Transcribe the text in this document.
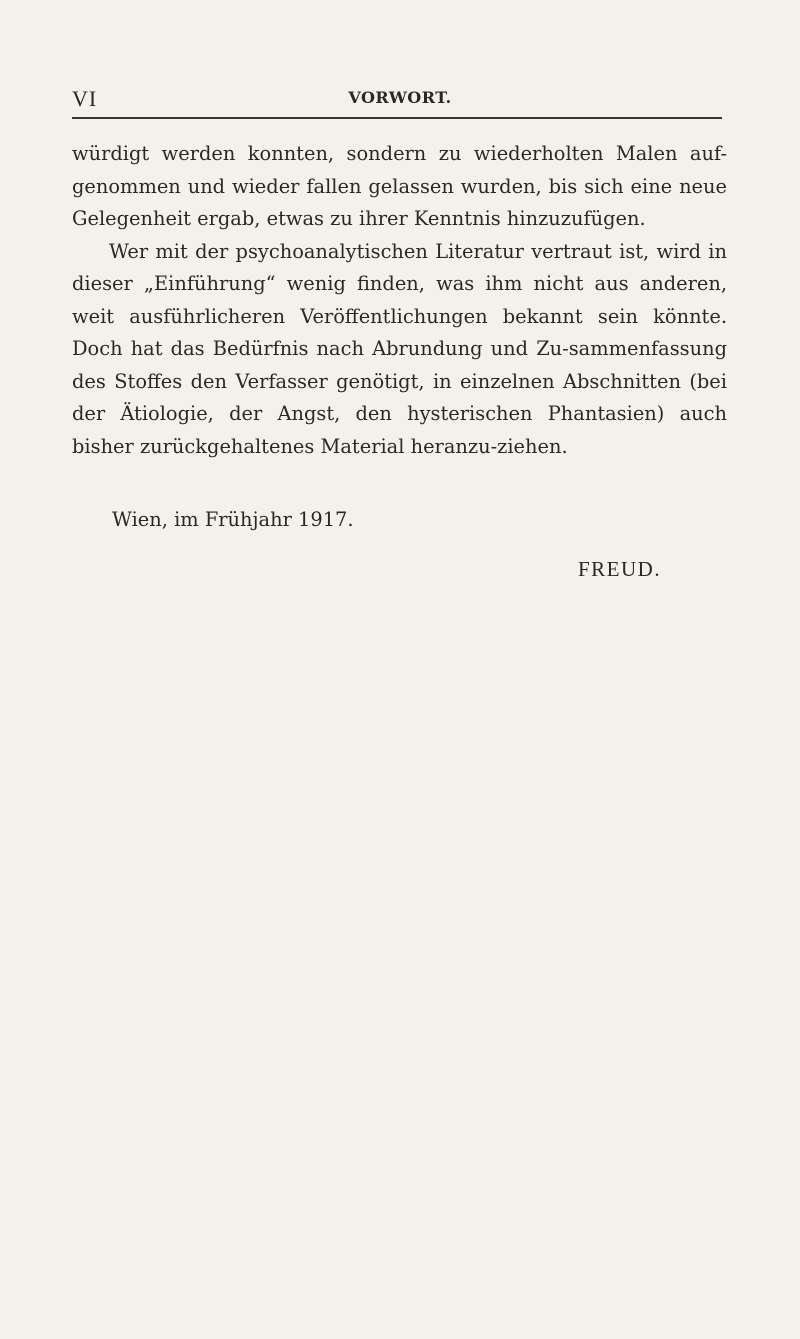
VI	VORWORT.

würdigt werden konnten, sondern zu wiederholten Malen auf-genommen und wieder fallen gelassen wurden, bis sich eine neue Gelegenheit ergab, etwas zu ihrer Kenntnis hinzuzufügen.

Wer mit der psychoanalytischen Literatur vertraut ist, wird in dieser „Einführung“ wenig finden, was ihm nicht aus anderen, weit ausführlicheren Veröffentlichungen bekannt sein könnte. Doch hat das Bedürfnis nach Abrundung und Zu-sammenfassung des Stoffes den Verfasser genötigt, in einzelnen Abschnitten (bei der Ätiologie, der Angst, den hysterischen Phantasien) auch bisher zurückgehaltenes Material heranzu-ziehen.

Wien, im Frühjahr 1917.
FREUD.
